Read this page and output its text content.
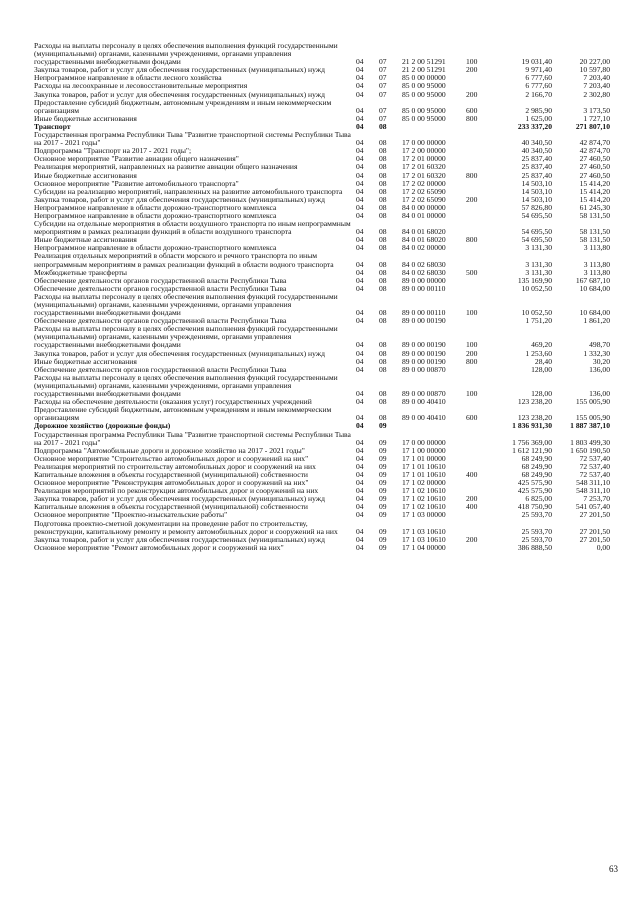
Расходы на выплаты персоналу в целях обеспечения выполнения функций государственными (муниципальными) органами, казенными учреждениями, органами управления государственными внебюджетными фондами	04	07	21 2 00 51291	100	19 031,40	20 227,00
Закупка товаров, работ и услуг для обеспечения государственных (муниципальных) нужд	04	07	21 2 00 51291	200	9 971,40	10 597,80
Непрограммное направление в области лесного хозяйства	04	07	85 0 00 00000	6 777,60	7 203,40
Расходы на лесоохранные и лесовосстановительные мероприятия	04	07	85 0 00 95000	6 777,60	7 203,40
Закупка товаров, работ и услуг для обеспечения государственных (муниципальных) нужд	04	07	85 0 00 95000	200	2 166,70	2 302,80
Предоставление субсидий бюджетным, автономным учреждениям и иным некоммерческим организациям	04	07	85 0 00 95000	600	2 985,90	3 173,50
Иные бюджетные ассигнования	04	07	85 0 00 95000	800	1 625,00	1 727,10
Транспорт	04	08	233 337,20	271 807,10
Государственная программа Республики Тыва "Развитие транспортной системы Республики Тыва на 2017 - 2021 годы"	04	08	17 0 00 00000	40 340,50	42 874,70
Подпрограмма "Транспорт на 2017 - 2021 годы";	04	08	17 2 00 00000	40 340,50	42 874,70
Основное мероприятие "Развитие авиации общего назначения"	04	08	17 2 01 00000	25 837,40	27 460,50
Реализация мероприятий, направленных на развитие авиации общего назначения	04	08	17 2 01 60320	25 837,40	27 460,50
Иные бюджетные ассигнования	04	08	17 2 01 60320	800	25 837,40	27 460,50
Основное мероприятие "Развитие автомобильного транспорта"	04	08	17 2 02 00000	14 503,10	15 414,20
Субсидии на реализацию мероприятий, направленных на развитие автомобильного транспорта	04	08	17 2 02 65090	14 503,10	15 414,20
Закупка товаров, работ и услуг для обеспечения государственных (муниципальных) нужд	04	08	17 2 02 65090	200	14 503,10	15 414,20
Непрограммное направление в области дорожно-транспортного комплекса	04	08	84 0 00 00000	57 826,80	61 245,30
Непрограммное направление в области дорожно-транспортного комплекса	04	08	84 0 01 00000	54 695,50	58 131,50
Субсидии на отдельные мероприятия в области воздушного транспорта по иным непрограммным мероприятиям в рамках реализации функций в области воздушного транспорта	04	08	84 0 01 68020	54 695,50	58 131,50
Иные бюджетные ассигнования	04	08	84 0 01 68020	800	54 695,50	58 131,50
Непрограммное направление в области дорожно-транспортного комплекса	04	08	84 0 02 00000	3 131,30	3 113,80
Реализация отдельных мероприятий в области морского и речного транспорта по иным непрограммным мероприятиям в рамках реализации функций в области водного транспорта	04	08	84 0 02 68030	3 131,30	3 113,80
Межбюджетные трансферты	04	08	84 0 02 68030	500	3 131,30	3 113,80
Обеспечение деятельности органов государственной власти Республики Тыва	04	08	89 0 00 00000	135 169,90	167 687,10
Обеспечение деятельности органов государственной власти Республики Тыва	04	08	89 0 00 00110	10 052,50	10 684,00
Расходы на выплаты персоналу в целях обеспечения выполнения функций государственными (муниципальными) органами, казенными учреждениями, органами управления государственными внебюджетными фондами	04	08	89 0 00 00110	100	10 052,50	10 684,00
Обеспечение деятельности органов государственной власти Республики Тыва	04	08	89 0 00 00190	1 751,20	1 861,20
Расходы на выплаты персоналу в целях обеспечения выполнения функций государственными (муниципальными) органами, казенными учреждениями, органами управления государственными внебюджетными фондами	04	08	89 0 00 00190	100	469,20	498,70
Закупка товаров, работ и услуг для обеспечения государственных (муниципальных) нужд	04	08	89 0 00 00190	200	1 253,60	1 332,30
Иные бюджетные ассигнования	04	08	89 0 00 00190	800	28,40	30,20
Обеспечение деятельности органов государственной власти Республики Тыва	04	08	89 0 00 00870	128,00	136,00
Расходы на выплаты персоналу в целях обеспечения выполнения функций государственными (муниципальными) органами, казенными учреждениями, органами управления государственными внебюджетными фондами	04	08	89 0 00 00870	100	128,00	136,00
Расходы на обеспечение деятельности (оказания услуг) государственных учреждений	04	08	89 0 00 40410	123 238,20	155 005,90
Предоставление субсидий бюджетным, автономным учреждениям и иным некоммерческим организациям	04	08	89 0 00 40410	600	123 238,20	155 005,90
Дорожное хозяйство (дорожные фонды)	04	09	1 836 931,30	1 887 387,10
Государственная программа Республики Тыва "Развитие транспортной системы Республики Тыва на 2017 - 2021 годы"	04	09	17 0 00 00000	1 756 369,00	1 803 499,30
Подпрограмма "Автомобильные дороги и дорожное хозяйство на 2017 - 2021 годы"	04	09	17 1 00 00000	1 612 121,90	1 650 190,50
Основное мероприятие "Строительство автомобильных дорог и сооружений на них"	04	09	17 1 01 00000	68 249,90	72 537,40
Реализация мероприятий по строительству автомобильных дорог и сооружений на них	04	09	17 1 01 10610	68 249,90	72 537,40
Капитальные вложения в объекты государственной (муниципальной) собственности	04	09	17 1 01 10610	400	68 249,90	72 537,40
Основное мероприятие "Реконструкция автомобильных дорог и сооружений на них"	04	09	17 1 02 00000	425 575,90	548 311,10
Реализация мероприятий по реконструкции автомобильных дорог и сооружений на них	04	09	17 1 02 10610	425 575,90	548 311,10
Закупка товаров, работ и услуг для обеспечения государственных (муниципальных) нужд	04	09	17 1 02 10610	200	6 825,00	7 253,70
Капитальные вложения в объекты государственной (муниципальной) собственности	04	09	17 1 02 10610	400	418 750,90	541 057,40
Основное мероприятие "Проектно-изыскательские работы"	04	09	17 1 03 00000	25 593,70	27 201,50
Подготовка проектно-сметной документации на проведение работ по строительству, реконструкции, капитальному ремонту и ремонту автомобильных дорог и сооружений на них	04	09	17 1 03 10610	25 593,70	27 201,50
Закупка товаров, работ и услуг для обеспечения государственных (муниципальных) нужд	04	09	17 1 03 10610	200	25 593,70	27 201,50
Основное мероприятие "Ремонт автомобильных дорог и сооружений на них"	04	09	17 1 04 00000	386 888,50	0,00
63
